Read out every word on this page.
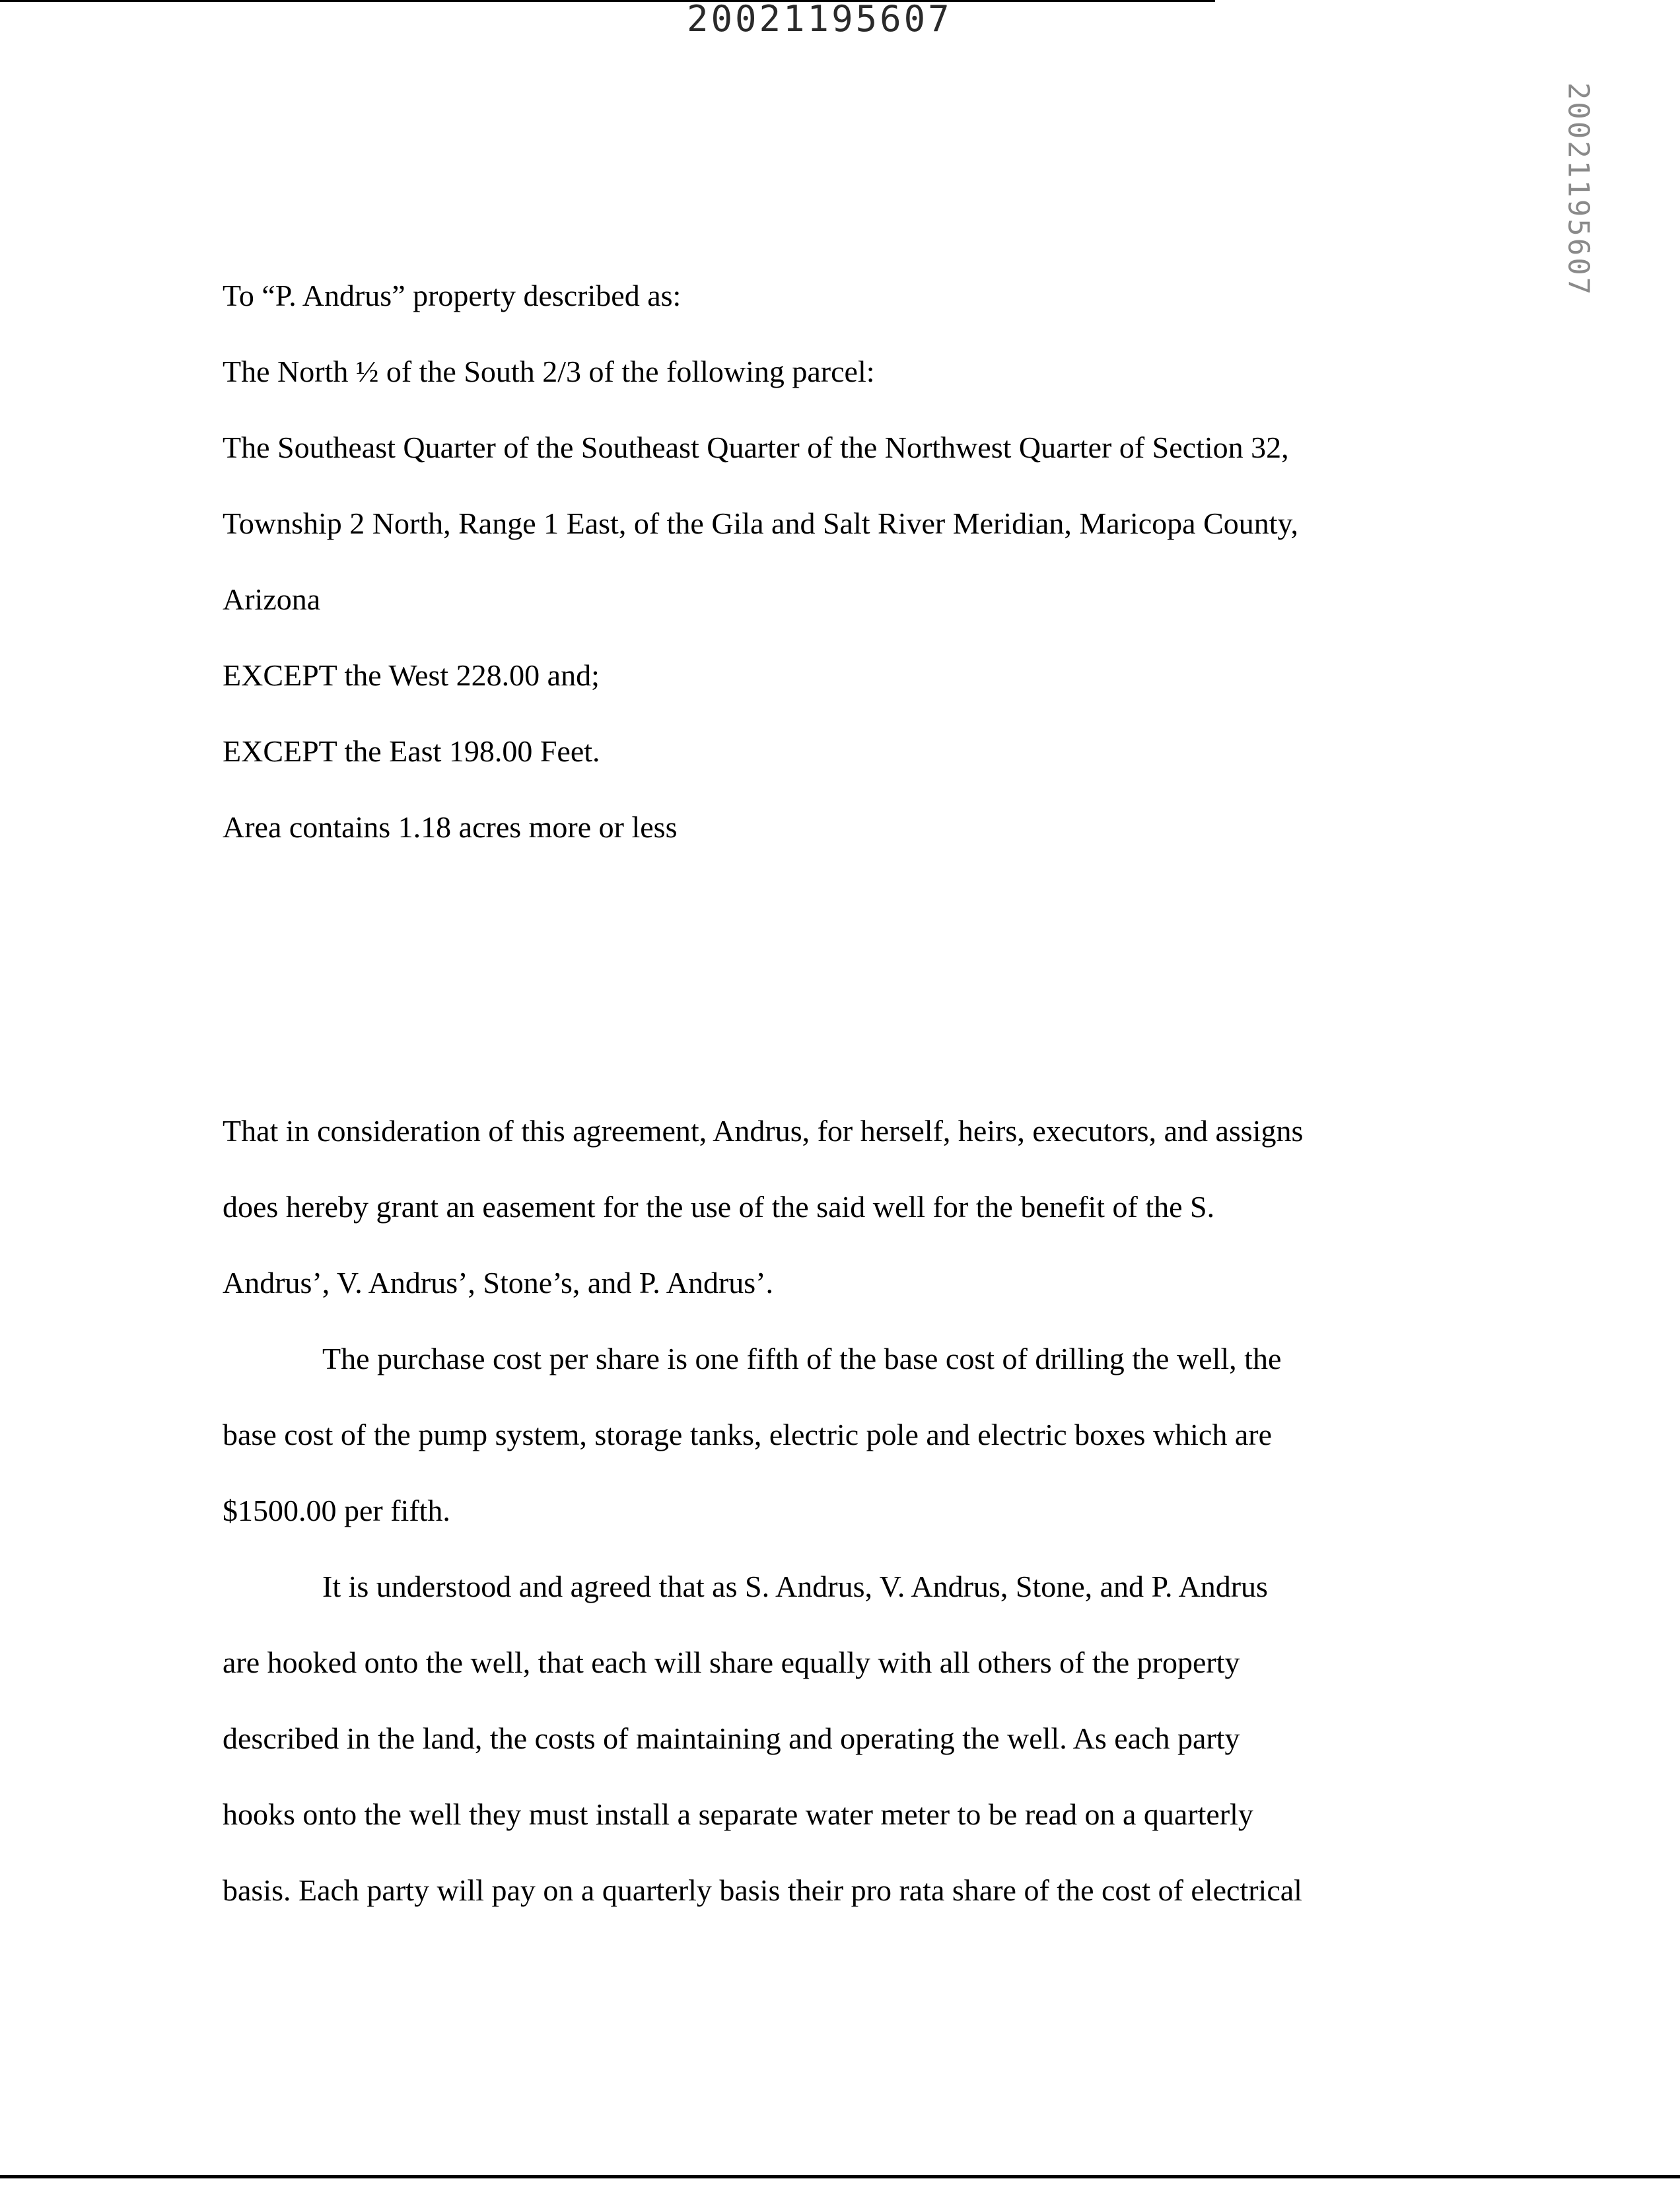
20021195607
20021195607
To “P. Andrus” property described as:
The North ½ of the South 2/3 of the following parcel:
The Southeast Quarter of the Southeast Quarter of the Northwest Quarter of Section 32,
Township 2 North, Range 1 East, of the Gila and Salt River Meridian, Maricopa County,
Arizona
EXCEPT the West 228.00 and;
EXCEPT the East 198.00 Feet.
Area contains 1.18 acres more or less
That in consideration of this agreement, Andrus, for herself, heirs, executors, and assigns
does hereby grant an easement for the use of the said well for the benefit of the S.
Andrus’, V. Andrus’, Stone’s, and P. Andrus’.
The purchase cost per share is one fifth of the base cost of drilling the well, the
base cost of the pump system, storage tanks, electric pole and electric boxes which are
$1500.00 per fifth.
It is understood and agreed that as S. Andrus, V. Andrus, Stone, and P. Andrus
are hooked onto the well, that each will share equally with all others of the property
described in the land, the costs of maintaining and operating the well. As each party
hooks onto the well they must install a separate water meter to be read on a quarterly
basis. Each party will pay on a quarterly basis their pro rata share of the cost of electrical
